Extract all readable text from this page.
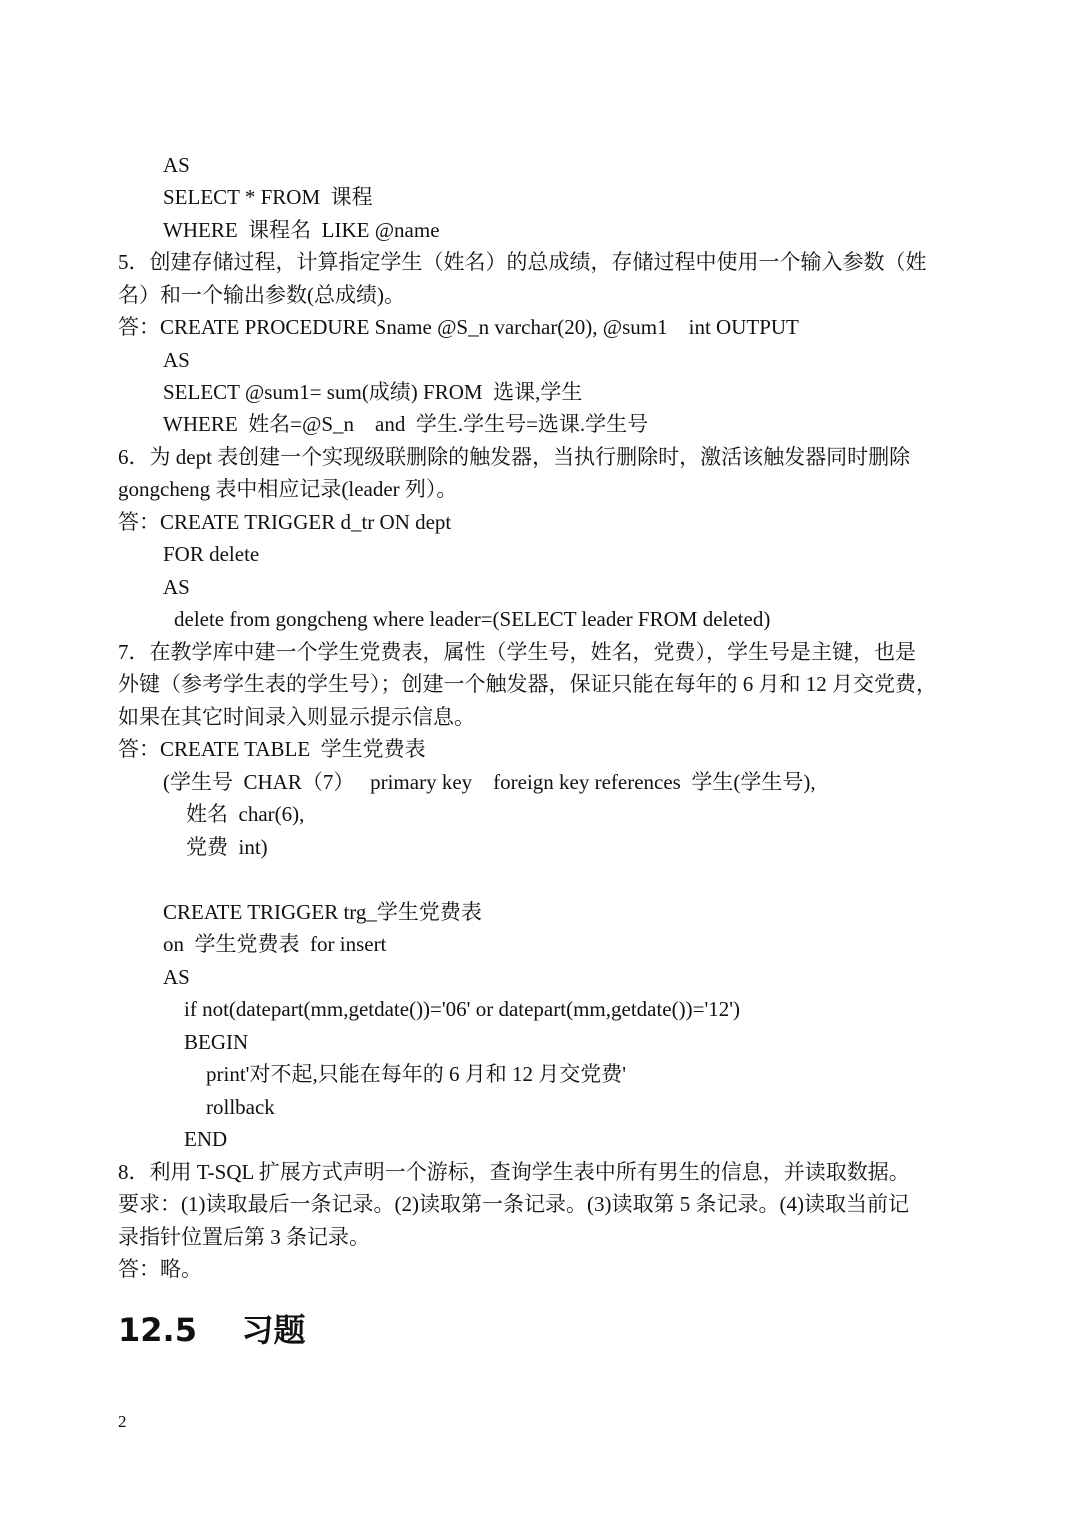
AS
SELECT * FROM  课程
WHERE  课程名  LIKE @name
5．创建存储过程，计算指定学生（姓名）的总成绩，存储过程中使用一个输入参数（姓
名）和一个输出参数(总成绩)。
答：CREATE PROCEDURE Sname @S_n varchar(20), @sum1    int OUTPUT
AS
SELECT @sum1= sum(成绩) FROM  选课,学生
WHERE  姓名=@S_n    and  学生.学生号=选课.学生号
6．为 dept 表创建一个实现级联删除的触发器，当执行删除时，激活该触发器同时删除
gongcheng 表中相应记录(leader 列）。
答：CREATE TRIGGER d_tr ON dept
FOR delete
AS
delete from gongcheng where leader=(SELECT leader FROM deleted)
7．在教学库中建一个学生党费表，属性（学生号，姓名，党费），学生号是主键，也是
外键（参考学生表的学生号）；创建一个触发器，保证只能在每年的 6 月和 12 月交党费，
如果在其它时间录入则显示提示信息。
答：CREATE TABLE  学生党费表
(学生号  CHAR（7）   primary key    foreign key references  学生(学生号),
姓名  char(6),
党费  int)
CREATE TRIGGER trg_学生党费表
on  学生党费表  for insert
AS
if not(datepart(mm,getdate())='06' or datepart(mm,getdate())='12')
BEGIN
print'对不起,只能在每年的 6 月和 12 月交党费'
rollback
END
8．利用 T-SQL 扩展方式声明一个游标，查询学生表中所有男生的信息，并读取数据。
要求：(1)读取最后一条记录。(2)读取第一条记录。(3)读取第 5 条记录。(4)读取当前记
录指针位置后第 3 条记录。
答：略。
12.5    习题
2
